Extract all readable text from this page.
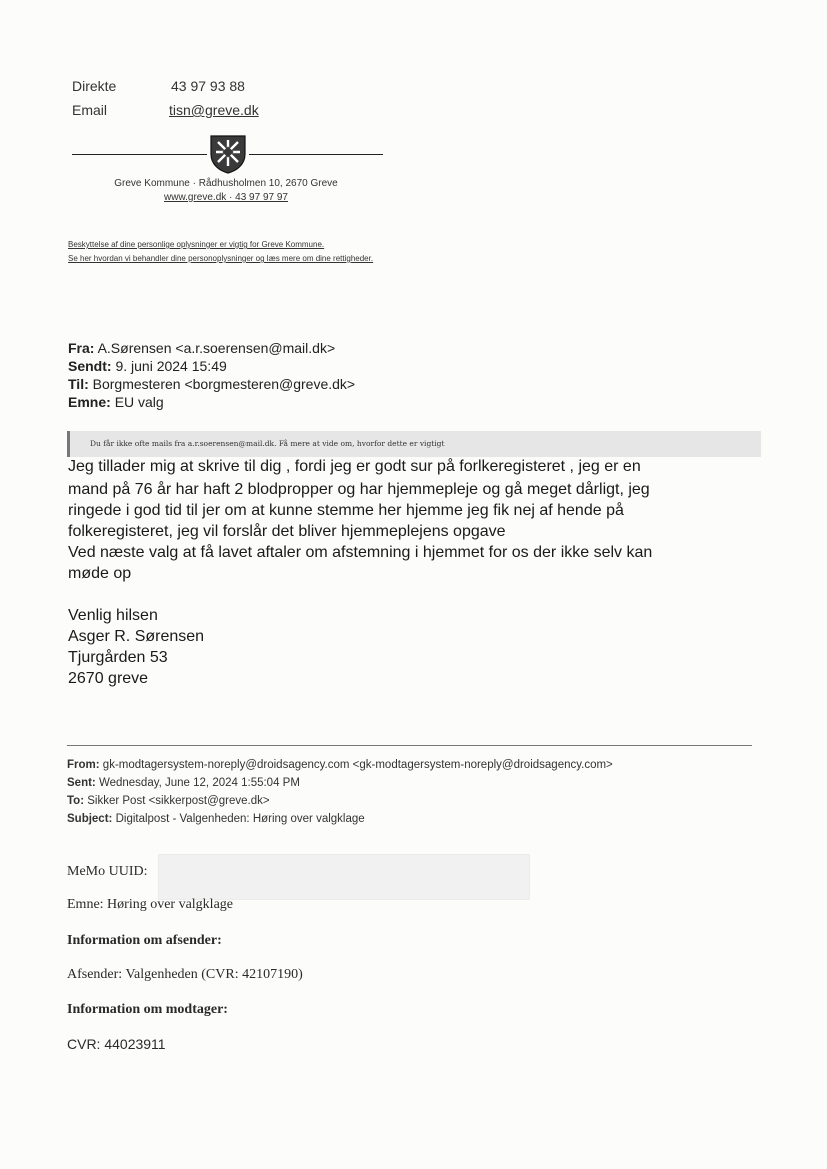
Direkte	43 97 93 88
Email	tisn@greve.dk
Greve Kommune · Rådhusholmen 10, 2670 Greve
www.greve.dk · 43 97 97 97
Beskyttelse af dine personlige oplysninger er vigtig for Greve Kommune.
Se her hvordan vi behandler dine personoplysninger og læs mere om dine rettigheder.
Fra: A.Sørensen <a.r.soerensen@mail.dk>
Sendt: 9. juni 2024 15:49
Til: Borgmesteren <borgmesteren@greve.dk>
Emne: EU valg
Du får ikke ofte mails fra a.r.soerensen@mail.dk. Få mere at vide om, hvorfor dette er vigtigt
Jeg tillader mig at skrive til dig , fordi jeg er godt sur på forlkeregisteret , jeg er en
mand på 76 år har haft 2 blodpropper og har hjemmepleje og gå meget dårligt, jeg
ringede i god tid til jer om at kunne stemme her hjemme jeg fik nej af hende på
folkeregisteret, jeg vil forslår det bliver hjemmeplejens opgave
Ved næste valg at få lavet aftaler om afstemning i hjemmet for os der ikke selv kan
møde op
Venlig hilsen
Asger R. Sørensen
Tjurgården 53
2670 greve
From: gk-modtagersystem-noreply@droidsagency.com <gk-modtagersystem-noreply@droidsagency.com>
Sent: Wednesday, June 12, 2024 1:55:04 PM
To: Sikker Post <sikkerpost@greve.dk>
Subject: Digitalpost - Valgenheden: Høring over valgklage
MeMo UUID:
Emne: Høring over valgklage
Information om afsender:
Afsender: Valgenheden (CVR: 42107190)
Information om modtager:
CVR: 44023911
